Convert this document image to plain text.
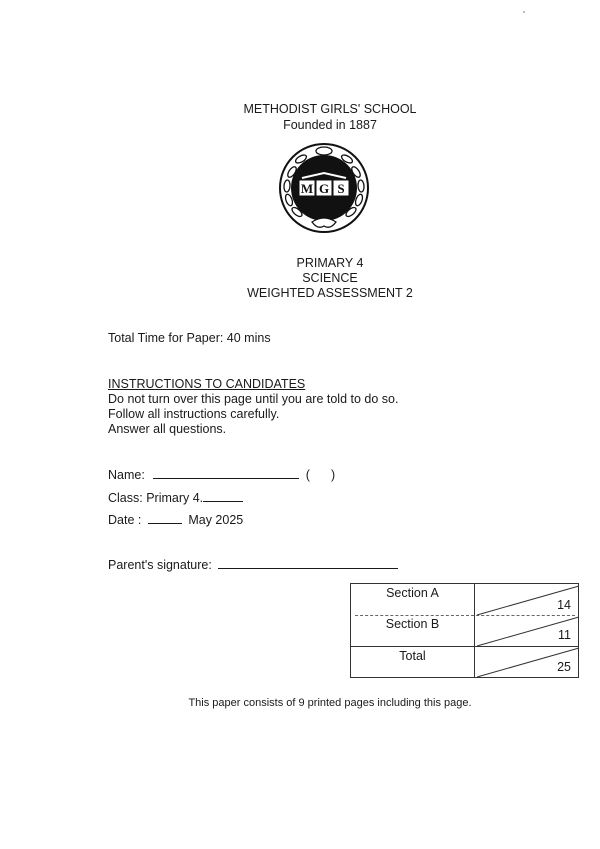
METHODIST GIRLS' SCHOOL
Founded in 1887
M G S
PRIMARY 4
SCIENCE
WEIGHTED ASSESSMENT 2
Total Time for Paper: 40 mins
INSTRUCTIONS TO CANDIDATES
Do not turn over this page until you are told to do so.
Follow all instructions carefully.
Answer all questions.
Name:	( )
Class: Primary 4.
Date :	May 2025
Parent's signature:
Section A
14
Section B
11
Total
25
This paper consists of 9 printed pages including this page.
